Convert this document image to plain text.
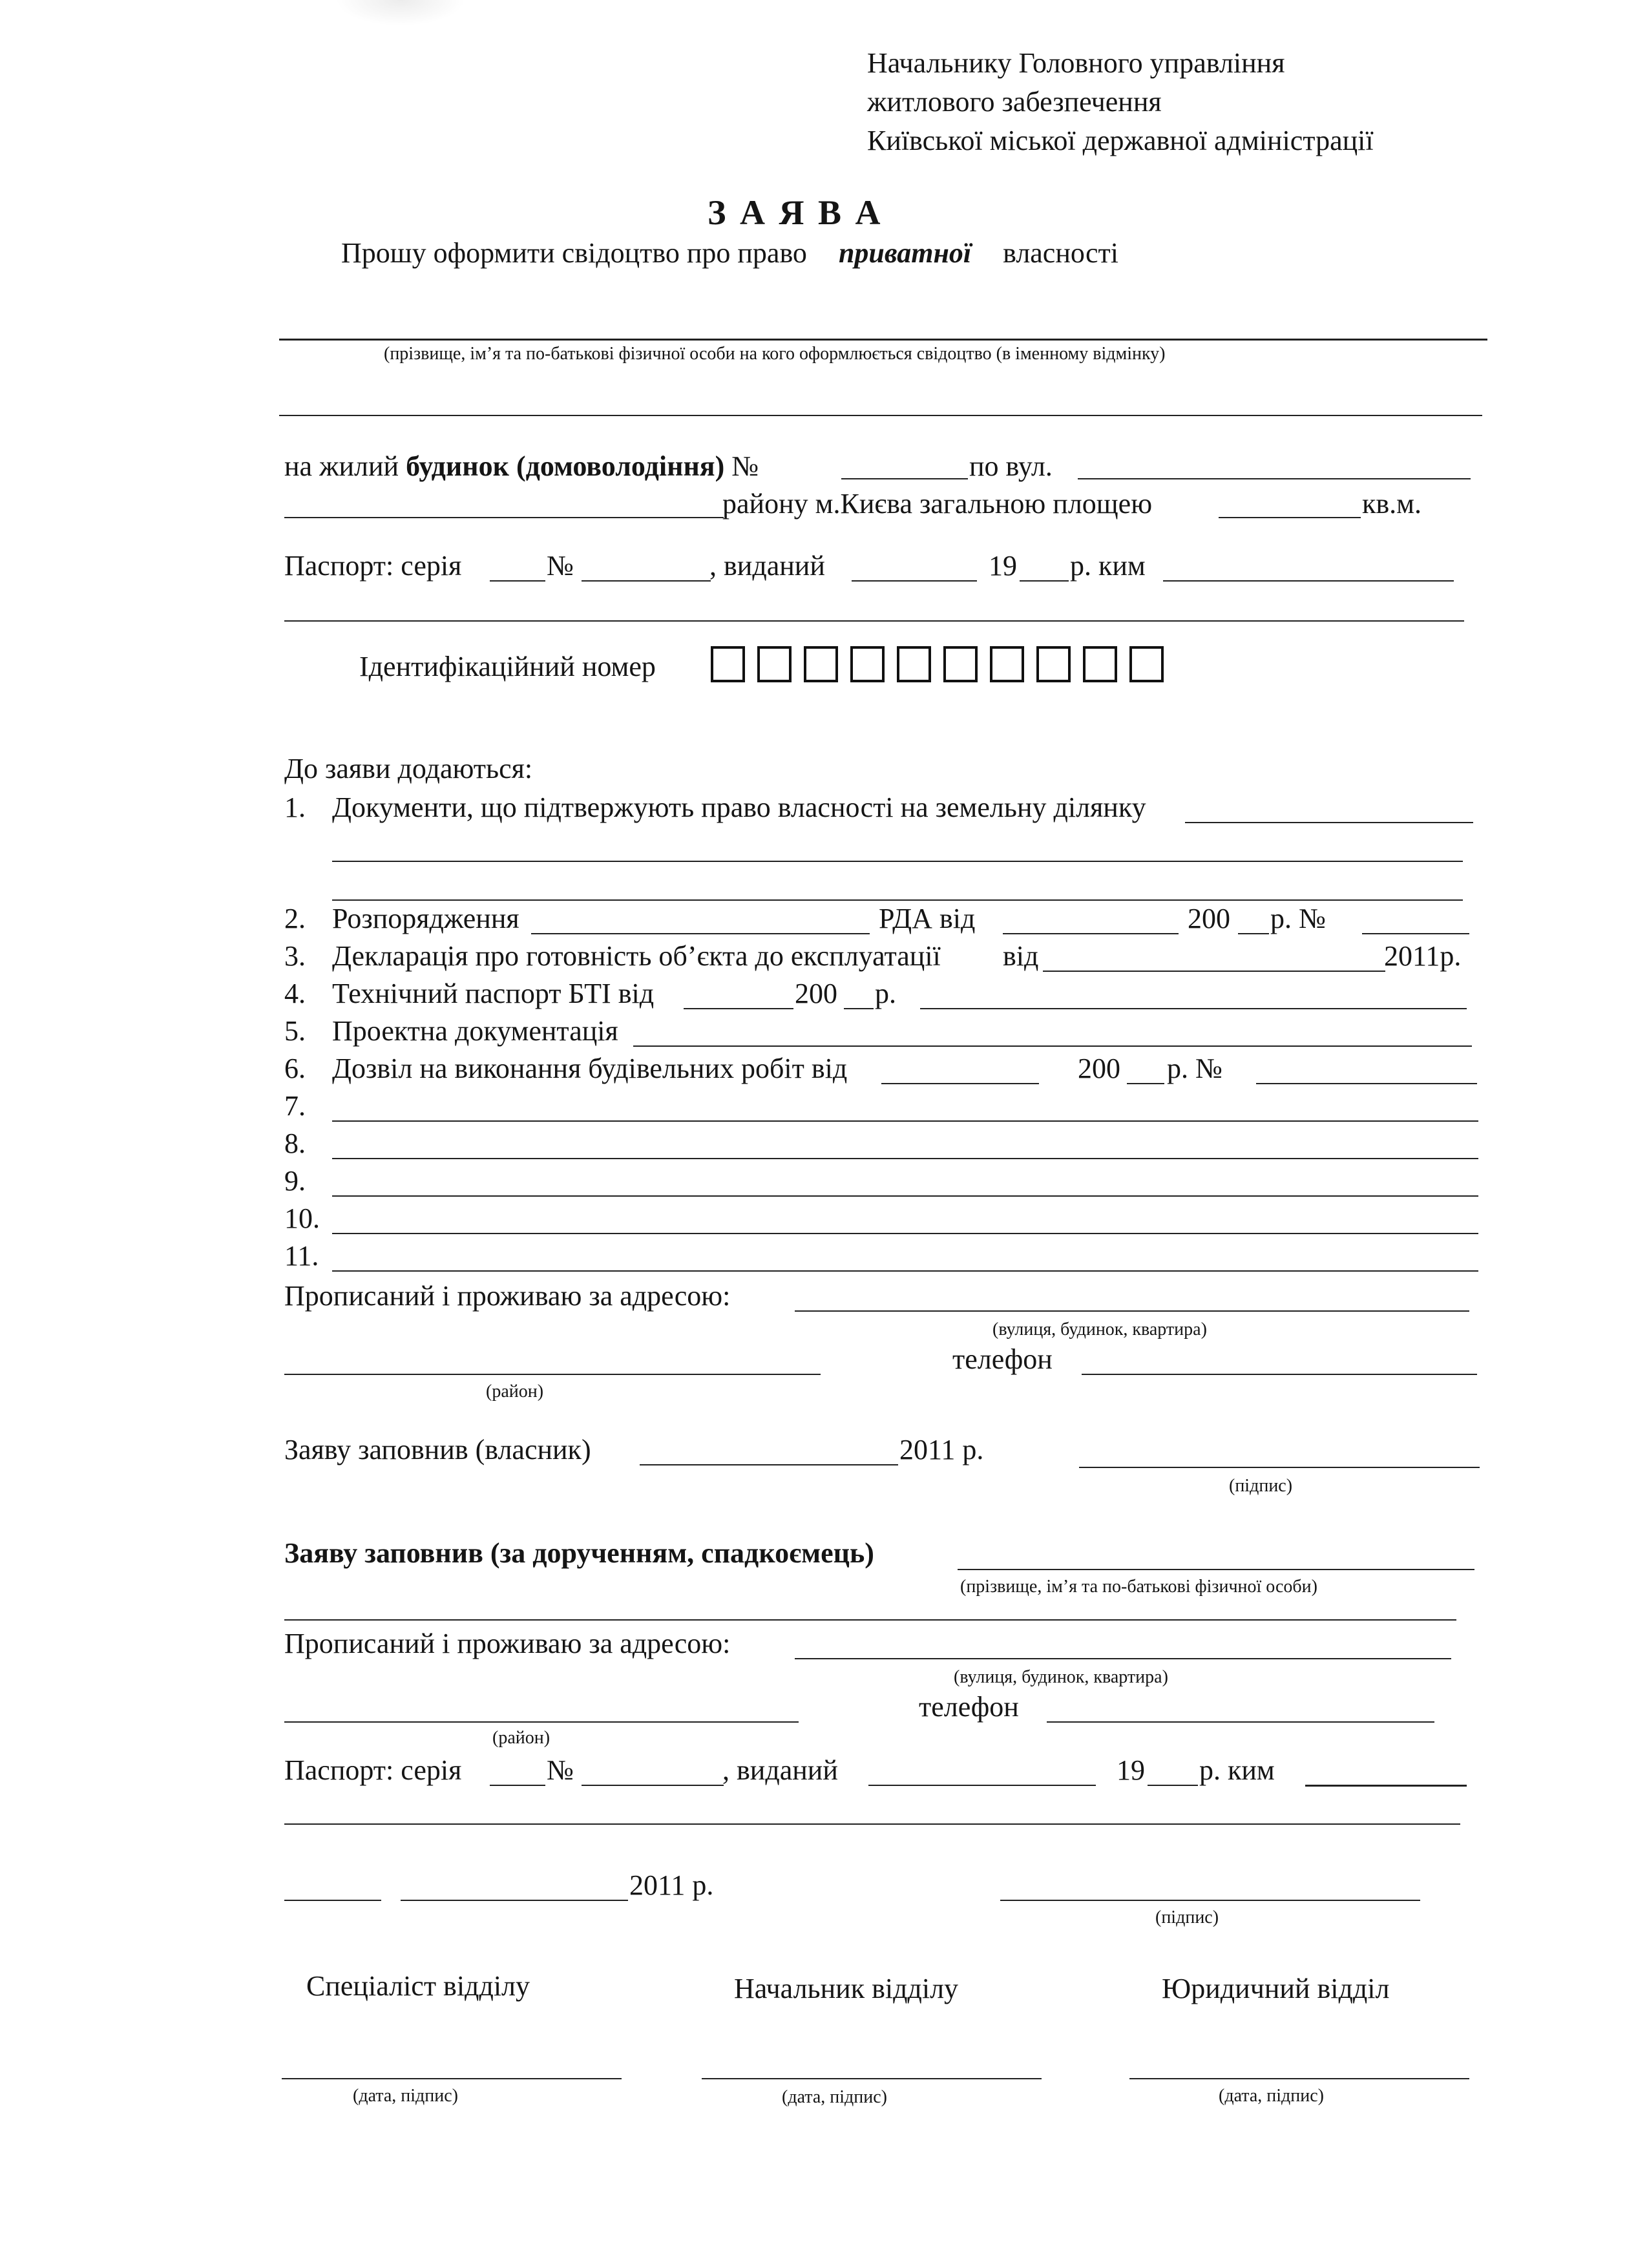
Начальнику Головного управління
житлового забезпечення
Київської міської державної адміністрації
З А Я В А
Прошу оформити свідоцтво про право приватної власності
(прізвище, ім’я та по-батькові фізичної особи на кого оформлюється свідоцтво (в іменному відмінку)
на жилий будинок (домоволодіння) №	по вул.
району м.Києва загальною площею	кв.м.
Паспорт: серія	№	, виданий	19 р. ким
Ідентифікаційний номер
До заяви додаються:
1. Документи, що підтвержують право власності на земельну ділянку
2. Розпорядження	РДА від	200 р. №
3. Декларація про готовність об’єкта до експлуатації від	2011р.
4. Технічний паспорт БТІ від	200 р.
5. Проектна документація
6. Дозвіл на виконання будівельних робіт від	200 р. №
7.
8.
9.
10.
11.
Прописаний і проживаю за адресою:
(вулиця, будинок, квартира)
(район)
телефон
Заяву заповнив (власник)	2011 р.
(підпис)
Заяву заповнив (за дорученням, спадкоємець)
(прізвище, ім’я та по-батькові фізичної особи)
Прописаний і проживаю за адресою:
(вулиця, будинок, квартира)
(район)
телефон
Паспорт: серія	№	, виданий	19 р. ким
2011 р.
(підпис)
Спеціаліст відділу
(дата, підпис)
Начальник відділу
(дата, підпис)
Юридичний відділ
(дата, підпис)
